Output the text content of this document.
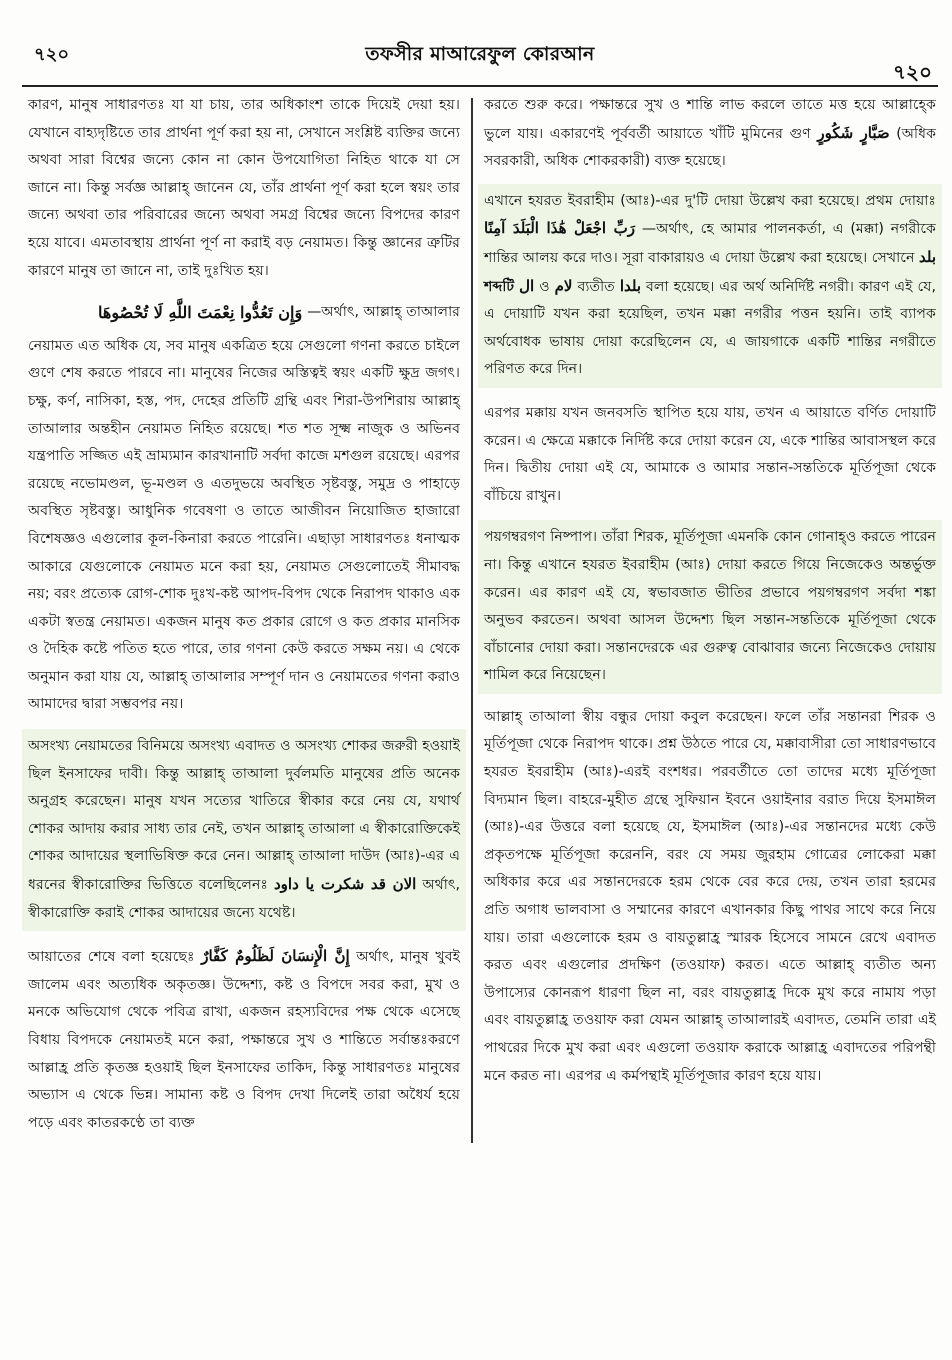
৭২০	তফসীর মাআরেফুল কোরআন
৭২০

কারণ, মানুষ সাধারণতঃ যা যা চায়, তার অধিকাংশ তাকে দিয়েই দেয়া হয়। যেখানে বাহ্যদৃষ্টিতে তার প্রার্থনা পূর্ণ করা হয় না, সেখানে সংশ্লিষ্ট ব্যক্তির জন্যে অথবা সারা বিশ্বের জন্যে কোন না কোন উপযোগিতা নিহিত থাকে যা সে জানে না। কিন্তু সর্বজ্ঞ আল্লাহ্ জানেন যে, তাঁর প্রার্থনা পূর্ণ করা হলে স্বয়ং তার জন্যে অথবা তার পরিবারের জন্যে অথবা সমগ্র বিশ্বের জন্যে বিপদের কারণ হয়ে যাবে। এমতাবস্থায় প্রার্থনা পূর্ণ না করাই বড় নেয়ামত। কিন্তু জ্ঞানের ত্রুটির কারণে মানুষ তা জানে না, তাই দুঃখিত হয়।

وَإِن تَعُدُّوا نِعْمَتَ اللَّهِ لَا تُحْصُوهَا —অর্থাৎ, আল্লাহ্ তাআলার

নেয়ামত এত অধিক যে, সব মানুষ একত্রিত হয়ে সেগুলো গণনা করতে চাইলে গুণে শেষ করতে পারবে না। মানুষের নিজের অস্তিত্বই স্বয়ং একটি ক্ষুদ্র জগৎ। চক্ষু, কর্ণ, নাসিকা, হস্ত, পদ, দেহের প্রতিটি গ্রন্থি এবং শিরা-উপশিরায় আল্লাহ্ তাআলার অন্তহীন নেয়ামত নিহিত রয়েছে। শত শত সূক্ষ্ম নাজুক ও অভিনব যন্ত্রপাতি সজ্জিত এই ভ্রাম্যমান কারখানাটি সর্বদা কাজে মশগুল রয়েছে। এরপর রয়েছে নভোমণ্ডল, ভূ-মণ্ডল ও এতদুভয়ে অবস্থিত সৃষ্টবস্তু, সমুদ্র ও পাহাড়ে অবস্থিত সৃষ্টবস্তু। আধুনিক গবেষণা ও তাতে আজীবন নিয়োজিত হাজারো বিশেষজ্ঞও এগুলোর কূল-কিনারা করতে পারেনি। এছাড়া সাধারণতঃ ধনাত্মক আকারে যেগুলোকে নেয়ামত মনে করা হয়, নেয়ামত সেগুলোতেই সীমাবদ্ধ নয়; বরং প্রত্যেক রোগ-শোক দুঃখ-কষ্ট আপদ-বিপদ থেকে নিরাপদ থাকাও এক একটা স্বতন্ত্র নেয়ামত। একজন মানুষ কত প্রকার রোগে ও কত প্রকার মানসিক ও দৈহিক কষ্টে পতিত হতে পারে, তার গণনা কেউ করতে সক্ষম নয়। এ থেকে অনুমান করা যায় যে, আল্লাহ্ তাআলার সম্পূর্ণ দান ও নেয়ামতের গণনা করাও আমাদের দ্বারা সম্ভবপর নয়।

অসংখ্য নেয়ামতের বিনিময়ে অসংখ্য এবাদত ও অসংখ্য শোকর জরুরী হওয়াই ছিল ইনসাফের দাবী। কিন্তু আল্লাহ্ তাআলা দুর্বলমতি মানুষের প্রতি অনেক অনুগ্রহ করেছেন। মানুষ যখন সত্যের খাতিরে স্বীকার করে নেয় যে, যথার্থ শোকর আদায় করার সাধ্য তার নেই, তখন আল্লাহ্ তাআলা এ স্বীকারোক্তিকেই শোকর আদায়ের স্থলাভিষিক্ত করে নেন। আল্লাহ্ তাআলা দাউদ (আঃ)-এর এ ধরনের স্বীকারোক্তির ভিত্তিতে বলেছিলেনঃ الان قد شكرت يا داود অর্থাৎ, স্বীকারোক্তি করাই শোকর আদায়ের জন্যে যথেষ্ট।

আয়াতের শেষে বলা হয়েছেঃ إِنَّ الْإِنسَانَ لَظَلُومٌ كَفَّارٌ অর্থাৎ, মানুষ খুবই জালেম এবং অত্যধিক অকৃতজ্ঞ। উদ্দেশ্য, কষ্ট ও বিপদে সবর করা, মুখ ও মনকে অভিযোগ থেকে পবিত্র রাখা, একজন রহস্যবিদের পক্ষ থেকে এসেছে বিধায় বিপদকে নেয়ামতই মনে করা, পক্ষান্তরে সুখ ও শান্তিতে সর্বান্তঃকরণে আল্লাহ্র প্রতি কৃতজ্ঞ হওয়াই ছিল ইনসাফের তাকিদ, কিন্তু সাধারণতঃ মানুষের অভ্যাস এ থেকে ভিন্ন। সামান্য কষ্ট ও বিপদ দেখা দিলেই তারা অধৈর্য হয়ে পড়ে এবং কাতরকণ্ঠে তা ব্যক্ত

করতে শুরু করে। পক্ষান্তরে সুখ ও শান্তি লাভ করলে তাতে মত্ত হয়ে আল্লাহ্কে ভুলে যায়। একারণেই পূর্ববর্তী আয়াতে খাঁটি মুমিনের গুণ صَبَّارٍ شَكُورٍ (অধিক সবরকারী, অধিক শোকরকারী) ব্যক্ত হয়েছে।

এখানে হযরত ইবরাহীম (আঃ)-এর দু'টি দোয়া উল্লেখ করা হয়েছে। প্রথম দোয়াঃ رَبِّ اجْعَلْ هَٰذَا الْبَلَدَ آمِنًا —অর্থাৎ, হে আমার পালনকর্তা, এ (মক্কা) নগরীকে শান্তির আলয় করে দাও। সূরা বাকারায়ও এ দোয়া উল্লেখ করা হয়েছে। সেখানে بلد শব্দটি ال ও لام ব্যতীত بلدا বলা হয়েছে। এর অর্থ অনির্দিষ্ট নগরী। কারণ এই যে, এ দোয়াটি যখন করা হয়েছিল, তখন মক্কা নগরীর পত্তন হয়নি। তাই ব্যাপক অর্থবোধক ভাষায় দোয়া করেছিলেন যে, এ জায়গাকে একটি শান্তির নগরীতে পরিণত করে দিন।

এরপর মক্কায় যখন জনবসতি স্থাপিত হয়ে যায়, তখন এ আয়াতে বর্ণিত দোয়াটি করেন। এ ক্ষেত্রে মক্কাকে নির্দিষ্ট করে দোয়া করেন যে, একে শান্তির আবাসস্থল করে দিন। দ্বিতীয় দোয়া এই যে, আমাকে ও আমার সন্তান-সন্ততিকে মূর্তিপূজা থেকে বাঁচিয়ে রাখুন।

পয়গম্বরগণ নিষ্পাপ। তাঁরা শিরক, মূর্তিপূজা এমনকি কোন গোনাহ্ও করতে পারেন না। কিন্তু এখানে হযরত ইবরাহীম (আঃ) দোয়া করতে গিয়ে নিজেকেও অন্তর্ভুক্ত করেন। এর কারণ এই যে, স্বভাবজাত ভীতির প্রভাবে পয়গম্বরগণ সর্বদা শঙ্কা অনুভব করতেন। অথবা আসল উদ্দেশ্য ছিল সন্তান-সন্ততিকে মূর্তিপূজা থেকে বাঁচানোর দোয়া করা। সন্তানদেরকে এর গুরুত্ব বোঝাবার জন্যে নিজেকেও দোয়ায় শামিল করে নিয়েছেন।

আল্লাহ্ তাআলা স্বীয় বন্ধুর দোয়া কবুল করেছেন। ফলে তাঁর সন্তানরা শিরক ও মূর্তিপূজা থেকে নিরাপদ থাকে। প্রশ্ন উঠতে পারে যে, মক্কাবাসীরা তো সাধারণভাবে হযরত ইবরাহীম (আঃ)-এরই বংশধর। পরবর্তীতে তো তাদের মধ্যে মূর্তিপূজা বিদ্যমান ছিল। বাহরে-মুহীত গ্রন্থে সুফিয়ান ইবনে ওয়াইনার বরাত দিয়ে ইসমাঈল (আঃ)-এর উত্তরে বলা হয়েছে যে, ইসমাঈল (আঃ)-এর সন্তানদের মধ্যে কেউ প্রকৃতপক্ষে মূর্তিপূজা করেননি, বরং যে সময় জুরহাম গোত্রের লোকেরা মক্কা অধিকার করে এর সন্তানদেরকে হরম থেকে বের করে দেয়, তখন তারা হরমের প্রতি অগাধ ভালবাসা ও সম্মানের কারণে এখানকার কিছু পাথর সাথে করে নিয়ে যায়। তারা এগুলোকে হরম ও বায়তুল্লাহ্র স্মারক হিসেবে সামনে রেখে এবাদত করত এবং এগুলোর প্রদক্ষিণ (তওয়াফ) করত। এতে আল্লাহ্ ব্যতীত অন্য উপাস্যের কোনরূপ ধারণা ছিল না, বরং বায়তুল্লাহ্র দিকে মুখ করে নামায পড়া এবং বায়তুল্লাহ্র তওয়াফ করা যেমন আল্লাহ্ তাআলারই এবাদত, তেমনি তারা এই পাথরের দিকে মুখ করা এবং এগুলো তওয়াফ করাকে আল্লাহ্র এবাদতের পরিপন্থী মনে করত না। এরপর এ কর্মপন্থাই মূর্তিপূজার কারণ হয়ে যায়।
